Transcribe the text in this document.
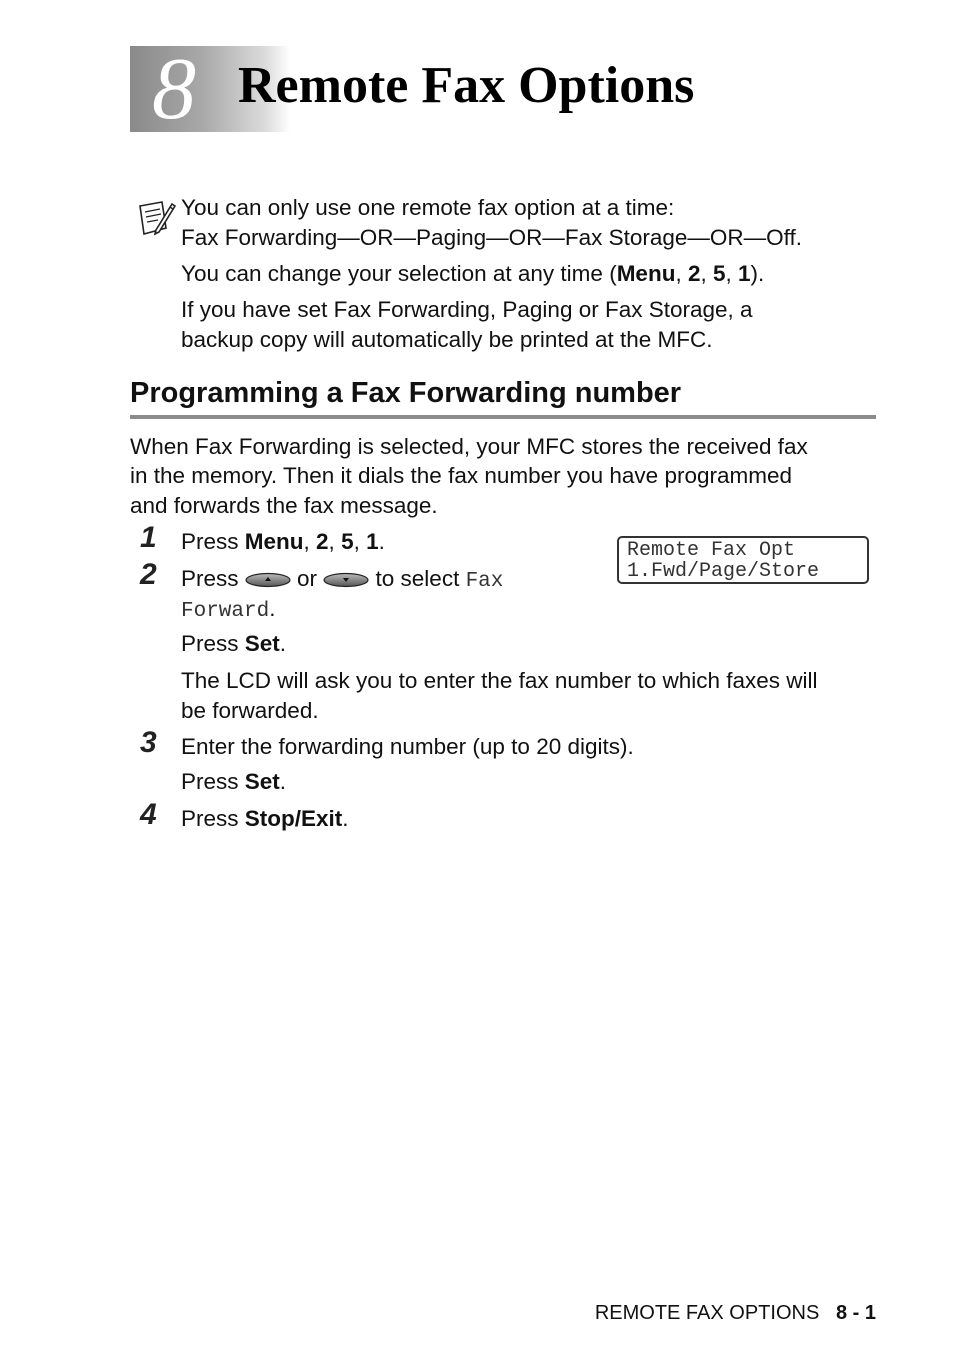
8 Remote Fax Options
You can only use one remote fax option at a time:
Fax Forwarding—OR—Paging—OR—Fax Storage—OR—Off.
You can change your selection at any time (Menu, 2, 5, 1).
If you have set Fax Forwarding, Paging or Fax Storage, a
backup copy will automatically be printed at the MFC.
Programming a Fax Forwarding number
When Fax Forwarding is selected, your MFC stores the received fax
in the memory. Then it dials the fax number you have programmed
and forwards the fax message.
Remote Fax Opt
1.Fwd/Page/Store
1 Press Menu, 2, 5, 1.
2 Press  or  to select Fax
Forward.
Press Set.
The LCD will ask you to enter the fax number to which faxes will
be forwarded.
3 Enter the forwarding number (up to 20 digits).
Press Set.
4 Press Stop/Exit.
REMOTE FAX OPTIONS 8 - 1
